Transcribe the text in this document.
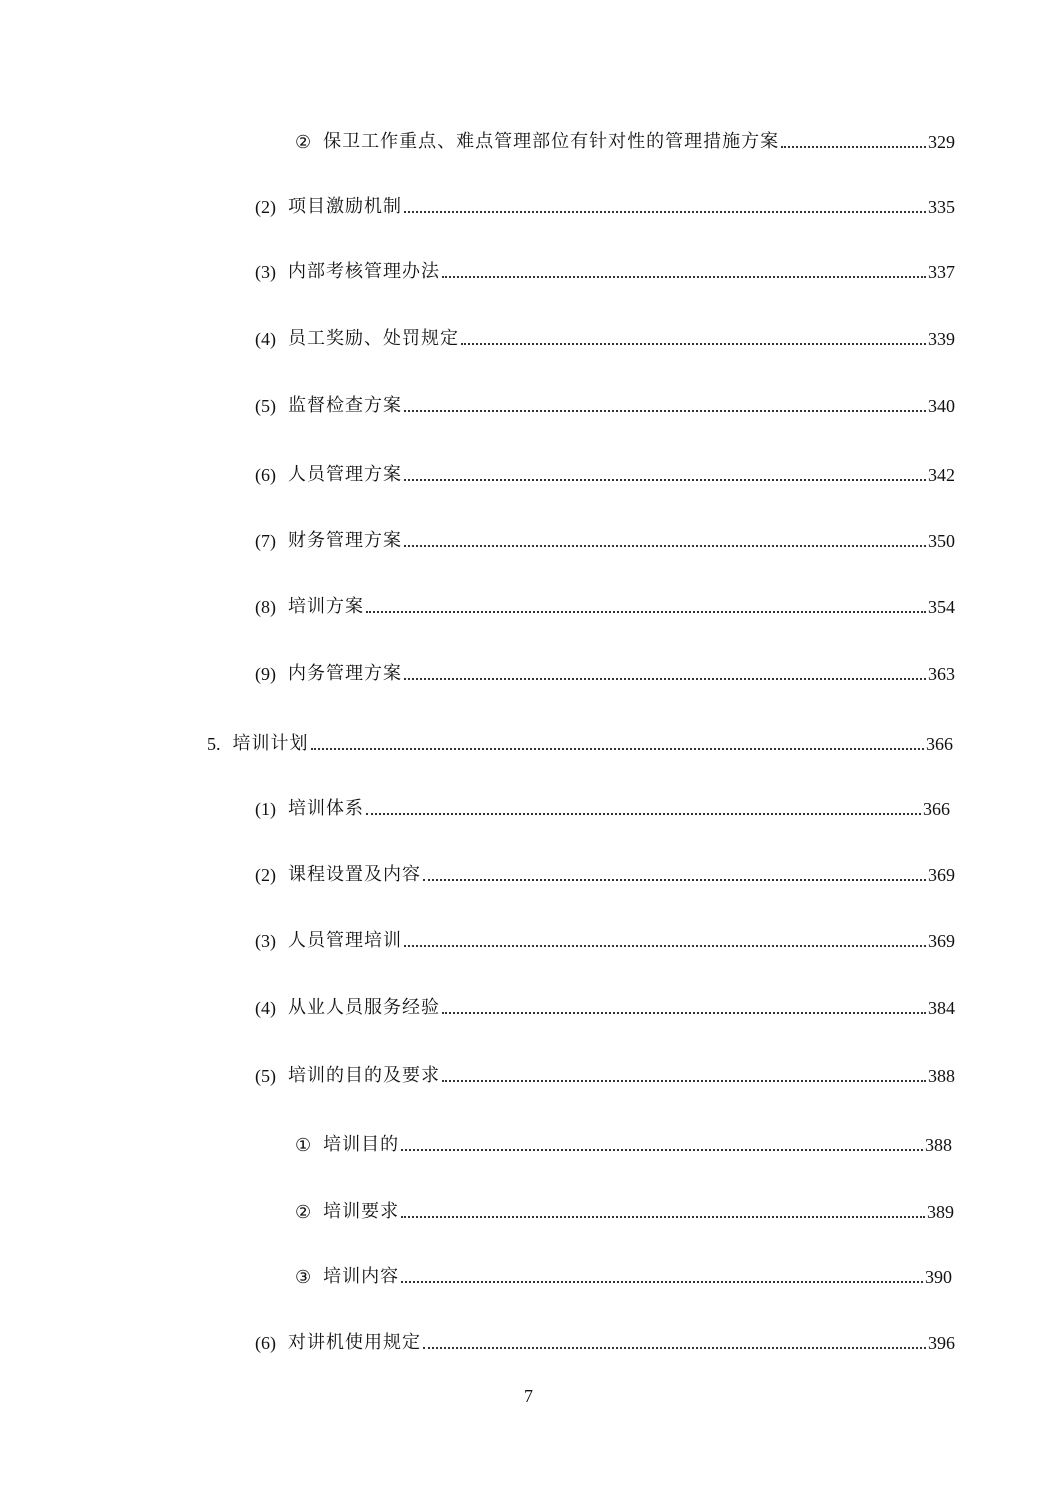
② 保卫工作重点、难点管理部位有针对性的管理措施方案	329
(2) 项目激励机制	335
(3) 内部考核管理办法	337
(4) 员工奖励、处罚规定	339
(5) 监督检查方案	340
(6) 人员管理方案	342
(7) 财务管理方案	350
(8) 培训方案	354
(9) 内务管理方案	363
5. 培训计划	366
(1) 培训体系	366
(2) 课程设置及内容	369
(3) 人员管理培训	369
(4) 从业人员服务经验	384
(5) 培训的目的及要求	388
① 培训目的	388
② 培训要求	389
③ 培训内容	390
(6) 对讲机使用规定	396
7
